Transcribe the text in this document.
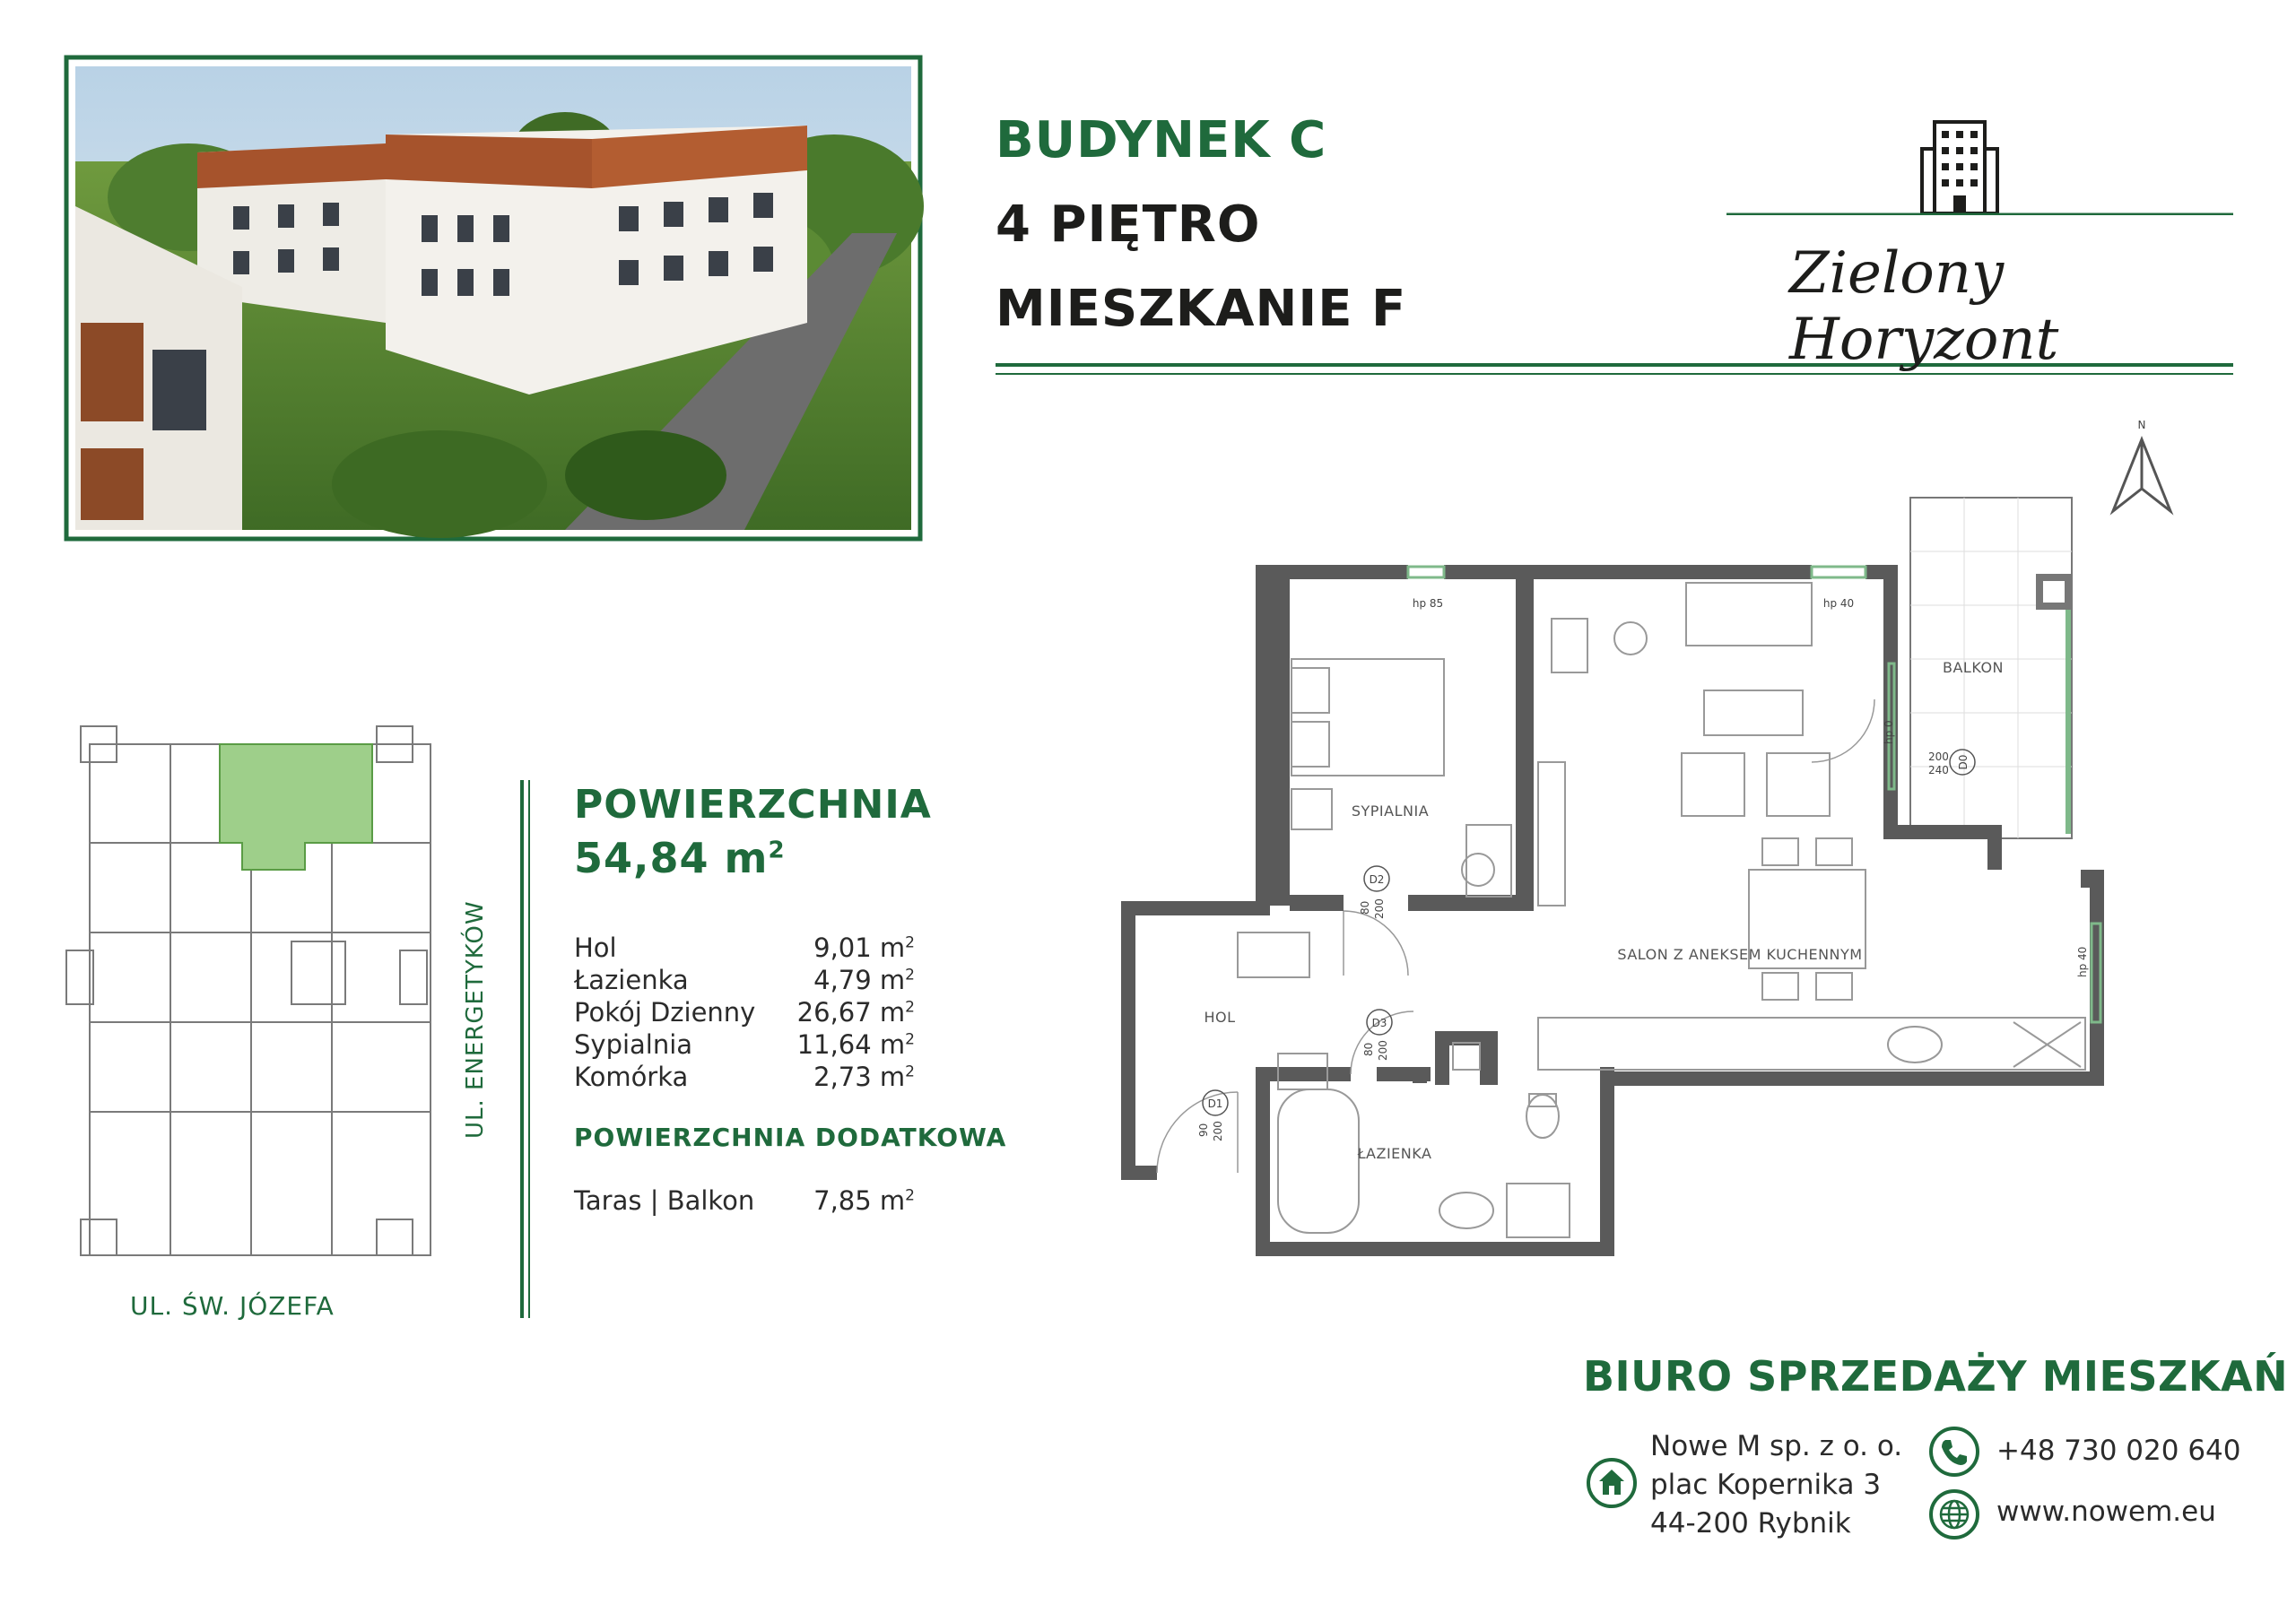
BUDYNEK C
4 PIĘTRO
MIESZKANIE F
Zielony Horyzont
UL. ŚW. JÓZEFA
UL. ENERGETYKÓW
POWIERZCHNIA
54,84 $m^2$
Hol	9,01 $m^2$
Łazienka	4,79 $m^2$
Pokój Dzienny 26,67 $m^2$
Sypialnia	11,64 $m^2$
Komórka	2,73 $m^2$
POWIERZCHNIA DODATKOWA
Taras | Balkon 7,85 $m^2$
N
hp 85	hp 40
hp 0
hp 40
D2
80 200
D3
80 200
D1
90 200
200
240
D0
SYPIALNIA
SALON Z ANEKSEM KUCHENNYM
HOL
ŁAZIENKA
BALKON
BIURO SPRZEDAŻY MIESZKAŃ
Nowe M sp. z o. o.
plac Kopernika 3
44-200 Rybnik
+48 730 020 640
www.nowem.eu
